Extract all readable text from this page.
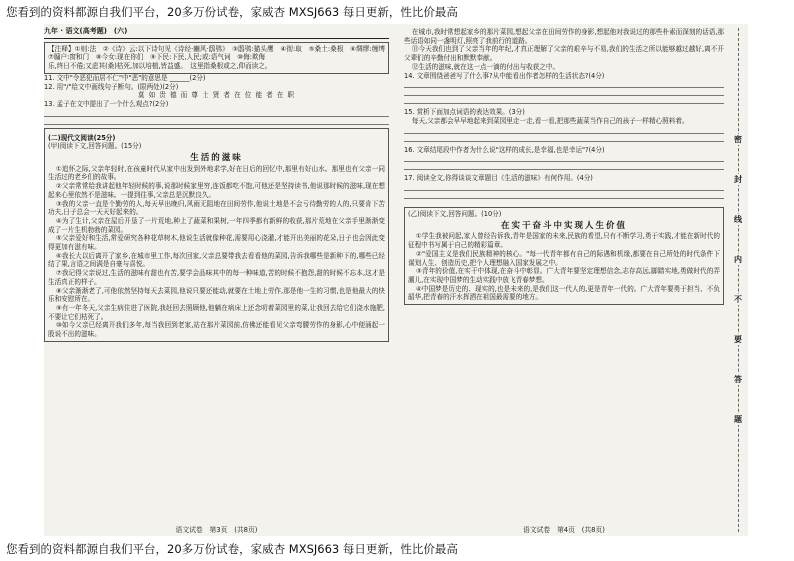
您看到的资料都源自我们平台，20多万份试卷，家威杏 MXSJ663 每日更新，性比价最高
九年 · 语文(高考题)　(六)

【注释】①则:法　②《诗》云:以下诗句见《诗经·豳风·鸱鸮》　③鸱鸮:猫头鹰　④彻:取　⑤桑土:桑根　⑥绸缪:缠缚　⑦牖户:窗和门　⑧今女:现在你们　⑨下民:下民,人民;或:语气词　⑩侮:欺侮

乐,终日不倦;又虑其(桑)枯死,加以培植,皆益盛。　这里指桑根或之,仰而读之。

11. 文中"令恶犯而居不仁"中"恶"的意思是 ______(2分)

12. 用"/"给文中画线句子断句。(限两处)(2分)

莫 如 贵 德 而 尊 士 贤 者 在 位 能 者 在 职

13. 孟子在文中提出了一个什么观点?(2分)

(二)现代文阅读(25分)
(甲)阅读下文,回答问题。(15分)
生活的滋味

①追怀之际,父亲年轻时,在孩童时代从家中出发到外地求学,好在日后的回忆中,那里有好山水。那里也有父亲一同生活过的老乡们的故事。

②父亲常常给我讲起他年轻时候的事,说那时候家里穷,连饭都吃不饱,可他还是坚持读书,他说那时候的滋味,现在想起来心里依然不是滋味。一提到往事,父亲总是沉默良久。

③我的父亲一直是个勤劳的人,每天早出晚归,风雨无阻地在田间劳作,他说土地是不会亏待勤劳的人的,只要肯下苦功夫,日子总会一天天好起来的。

④为了生计,父亲在屋后开垦了一片荒地,种上了蔬菜和果树,一年四季都有新鲜的收获,那片荒地在父亲手里渐渐变成了一片生机勃勃的菜园。

⑤父亲爱好和生活,常爱研究各种花草树木,他说生活就像种花,需要用心浇灌,才能开出美丽的花朵,日子也会因此变得更加有滋有味。

⑥我长大以后离开了家乡,在城市里工作,每次回家,父亲总要带我去看看他的菜园,告诉我哪些是新种下的,哪些已经结了果,言语之间满是自豪与喜悦。

⑦我记得父亲说过,生活的滋味有甜也有苦,要学会品味其中的每一种味道,苦的时候不抱怨,甜的时候不忘本,这才是生活真正的样子。

⑧父亲渐渐老了,可他依然坚持每天去菜园,他说只要还能动,就要在土地上劳作,那是他一生的习惯,也是他最大的快乐和安慰所在。

⑨有一年冬天,父亲生病住进了医院,我赶回去照顾他,他躺在病床上还念叨着菜园里的菜,让我回去给它们浇水施肥,不要让它们枯死了。

⑩如今父亲已经离开我们多年,每当我回到老家,站在那片菜园前,仿佛还能看见父亲弯腰劳作的身影,心中便涌起一股说不出的滋味。

语文试卷　第3页　(共8页)

在城市,我时常想起家乡的那片菜园,想起父亲在田间劳作的身影,想起他对我说过的那些朴素而深刻的话语,那些话语如同一盏明灯,照亮了我前行的道路。

⑪今天我们也到了父亲当年的年纪,才真正理解了父亲的艰辛与不易,我们的生活之所以能够越过越好,离不开父辈们的辛勤付出和默默奉献。

⑫生活的滋味,就在这一点一滴的付出与收获之中。

14. 文章围绕爸爸写了什么事?从中能看出作者怎样的生活状态?(4分)

15. 赏析下面加点词语的表达效果。(3分)

每天,父亲都会早早地起来到菜园里走一走,看一看,把那些蔬菜当作自己的孩子一样精心照料着。

16. 文章结尾段中作者为什么说"这样的成长,是幸福,也是幸运"?(4分)

17. 阅读全文,你得谈谈文章题目《生活的滋味》有何作用。(4分)

(乙)阅读下文,回答问题。(10分)
在实干奋斗中实现人生价值

①学生我被问起,家人曾经告诉我,青年是国家的未来,民族的希望,只有不断学习,勇于实践,才能在新时代的征程中书写属于自己的精彩篇章。

②"爱国主义是我们民族精神的核心。"每一代青年都有自己的际遇和机缘,都要在自己所处的时代条件下谋划人生、创造历史,把个人理想融入国家发展之中。

③青年的价值,在实干中体现,在奋斗中彰显。广大青年要坚定理想信念,志存高远,脚踏实地,勇做时代的弄潮儿,在实现中国梦的生动实践中放飞青春梦想。

④中国梦是历史的、现实的,也是未来的,是我们这一代人的,更是青年一代的。广大青年要勇于担当、不负韶华,把青春的汗水挥洒在祖国最需要的地方。

语文试卷　第4页　(共8页)
密
封
线
内
不
要
答
题
您看到的资料都源自我们平台，20多万份试卷，家威杏 MXSJ663 每日更新，性比价最高
